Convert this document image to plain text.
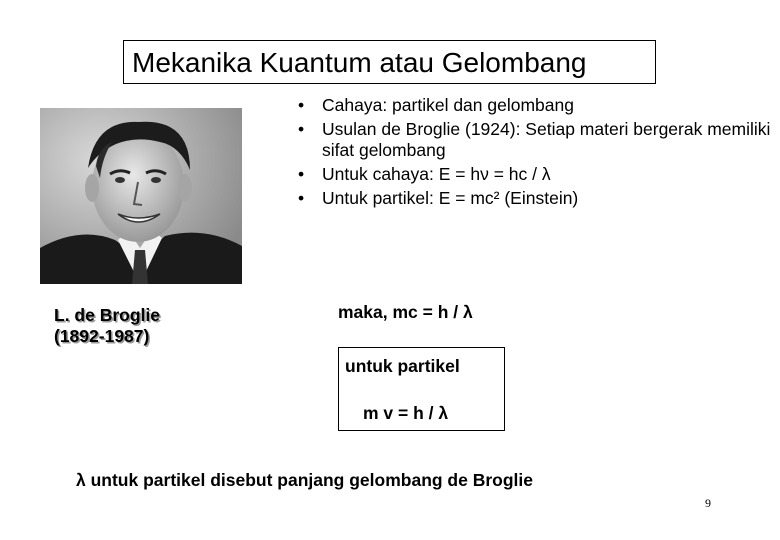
Mekanika Kuantum atau Gelombang
• Cahaya: partikel dan gelombang
• Usulan de Broglie (1924): Setiap materi bergerak memiliki sifat gelombang
• Untuk cahaya: E = hν = hc / λ
• Untuk partikel: E = mc² (Einstein)
L. de Broglie
(1892-1987)
maka, mc = h / λ
untuk partikel
m v = h / λ
λ untuk partikel disebut panjang gelombang de Broglie
9
